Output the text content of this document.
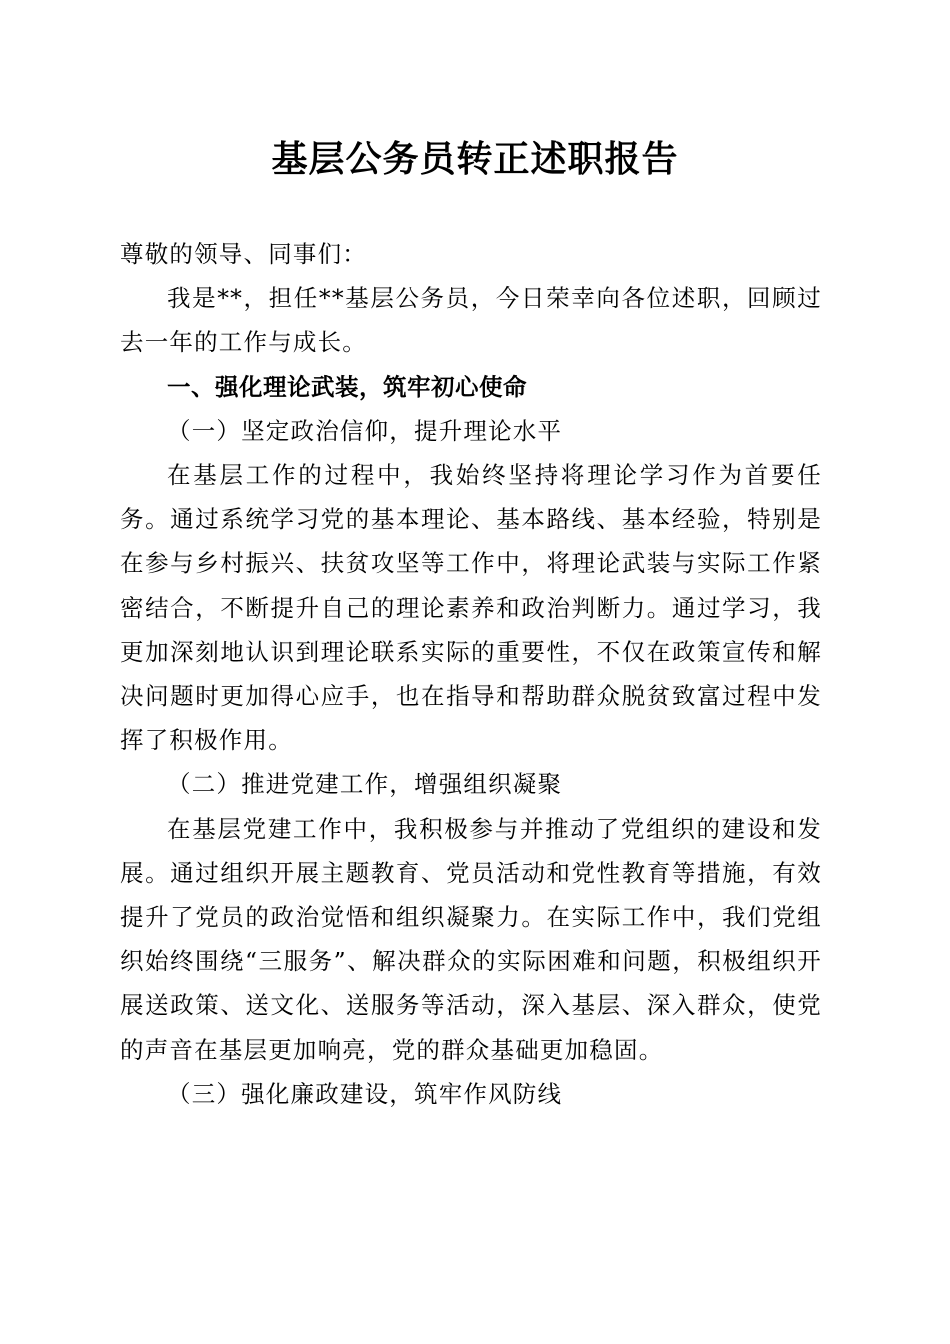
基层公务员转正述职报告

尊敬的领导、同事们：

我是**，担任**基层公务员，今日荣幸向各位述职，回顾过去一年的工作与成长。

一、强化理论武装，筑牢初心使命

（一）坚定政治信仰，提升理论水平

在基层工作的过程中，我始终坚持将理论学习作为首要任务。通过系统学习党的基本理论、基本路线、基本经验，特别是在参与乡村振兴、扶贫攻坚等工作中，将理论武装与实际工作紧密结合，不断提升自己的理论素养和政治判断力。通过学习，我更加深刻地认识到理论联系实际的重要性，不仅在政策宣传和解决问题时更加得心应手，也在指导和帮助群众脱贫致富过程中发挥了积极作用。

（二）推进党建工作，增强组织凝聚

在基层党建工作中，我积极参与并推动了党组织的建设和发展。通过组织开展主题教育、党员活动和党性教育等措施，有效提升了党员的政治觉悟和组织凝聚力。在实际工作中，我们党组织始终围绕“三服务”、解决群众的实际困难和问题，积极组织开展送政策、送文化、送服务等活动，深入基层、深入群众，使党的声音在基层更加响亮，党的群众基础更加稳固。

（三）强化廉政建设，筑牢作风防线
